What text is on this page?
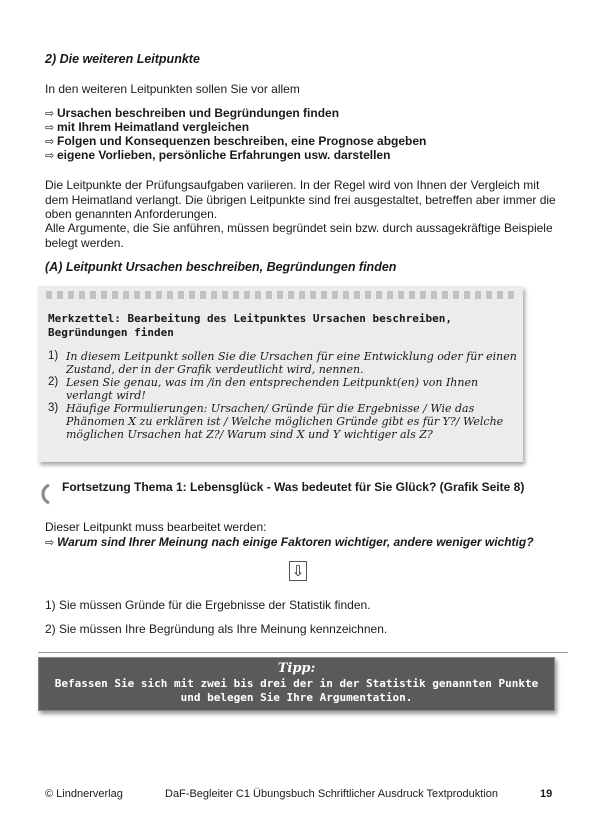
2) Die weiteren Leitpunkte
In den weiteren Leitpunkten sollen Sie vor allem
⇨ Ursachen beschreiben und Begründungen finden
⇨ mit Ihrem Heimatland vergleichen
⇨ Folgen und Konsequenzen beschreiben, eine Prognose abgeben
⇨ eigene Vorlieben, persönliche Erfahrungen usw. darstellen
Die Leitpunkte der Prüfungsaufgaben variieren. In der Regel wird von Ihnen der Vergleich mit dem Heimatland verlangt. Die übrigen Leitpunkte sind frei ausgestaltet, betreffen aber immer die oben genannten Anforderungen.
Alle Argumente, die Sie anführen, müssen begründet sein bzw. durch aussagekräftige Beispiele belegt werden.
(A) Leitpunkt Ursachen beschreiben, Begründungen finden
Merkzettel: Bearbeitung des Leitpunktes Ursachen beschreiben, Begründungen finden
1) In diesem Leitpunkt sollen Sie die Ursachen für eine Entwicklung oder für einen Zustand, der in der Grafik verdeutlicht wird, nennen.
2) Lesen Sie genau, was im /in den entsprechenden Leitpunkt(en) von Ihnen verlangt wird!
3) Häufige Formulierungen: Ursachen/ Gründe für die Ergebnisse / Wie das Phänomen X zu erklären ist / Welche möglichen Gründe gibt es für Y?/ Welche möglichen Ursachen hat Z?/ Warum sind X und Y wichtiger als Z?
Fortsetzung Thema 1: Lebensglück - Was bedeutet für Sie Glück? (Grafik Seite 8)
Dieser Leitpunkt muss bearbeitet werden:
⇨ Warum sind Ihrer Meinung nach einige Faktoren wichtiger, andere weniger wichtig?
⇩
1) Sie müssen Gründe für die Ergebnisse der Statistik finden.
2) Sie müssen Ihre Begründung als Ihre Meinung kennzeichnen.
Tipp:
Befassen Sie sich mit zwei bis drei der in der Statistik genannten Punkte und belegen Sie Ihre Argumentation.
© Lindnerverlag	DaF-Begleiter C1 Übungsbuch Schriftlicher Ausdruck Textproduktion	19
